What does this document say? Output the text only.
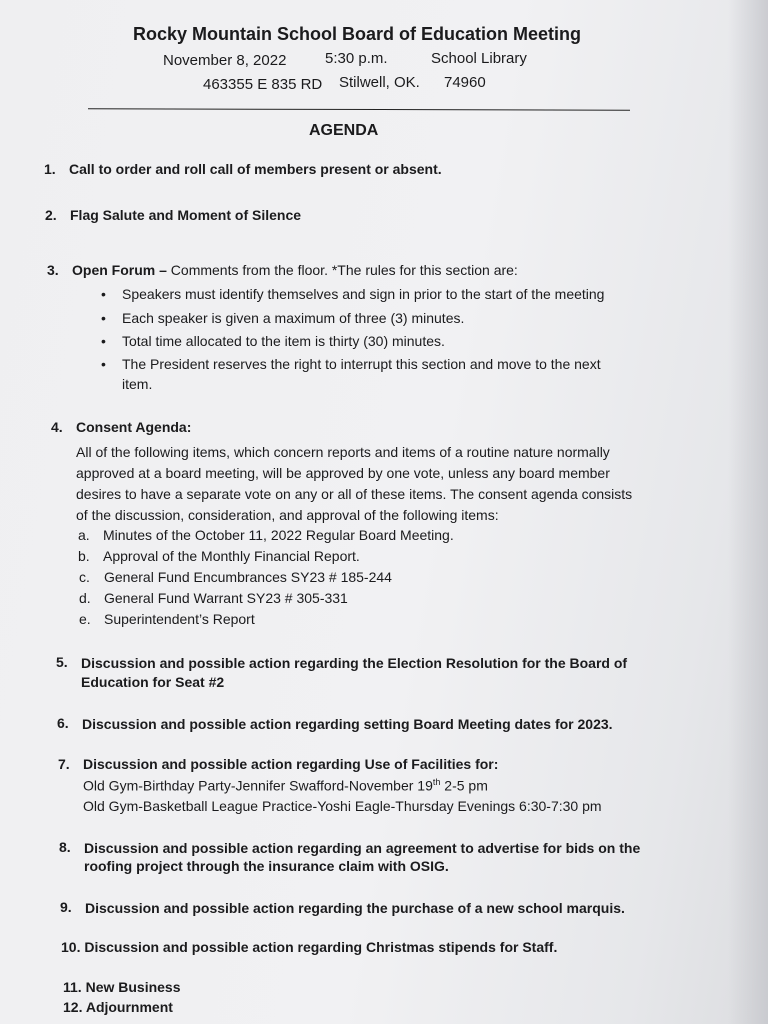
Rocky Mountain School Board of Education Meeting
November 8, 2022	5:30 p.m.	School Library
463355 E 835 RD Stilwell, OK. 74960
AGENDA
1. Call to order and roll call of members present or absent.
2. Flag Salute and Moment of Silence
3. Open Forum – Comments from the floor. *The rules for this section are:
• Speakers must identify themselves and sign in prior to the start of the meeting
• Each speaker is given a maximum of three (3) minutes.
• Total time allocated to the item is thirty (30) minutes.
• The President reserves the right to interrupt this section and move to the next
item.
4. Consent Agenda:
All of the following items, which concern reports and items of a routine nature normally
approved at a board meeting, will be approved by one vote, unless any board member
desires to have a separate vote on any or all of these items. The consent agenda consists
of the discussion, consideration, and approval of the following items:
a. Minutes of the October 11, 2022 Regular Board Meeting.
b. Approval of the Monthly Financial Report.
c. General Fund Encumbrances SY23 # 185-244
d. General Fund Warrant SY23 # 305-331
e. Superintendent’s Report
5. Discussion and possible action regarding the Election Resolution for the Board of
Education for Seat #2
6. Discussion and possible action regarding setting Board Meeting dates for 2023.
7. Discussion and possible action regarding Use of Facilities for:
Old Gym-Birthday Party-Jennifer Swafford-November 19th 2-5 pm
Old Gym-Basketball League Practice-Yoshi Eagle-Thursday Evenings 6:30-7:30 pm
8. Discussion and possible action regarding an agreement to advertise for bids on the
roofing project through the insurance claim with OSIG.
9. Discussion and possible action regarding the purchase of a new school marquis.
10. Discussion and possible action regarding Christmas stipends for Staff.
11. New Business
12. Adjournment
